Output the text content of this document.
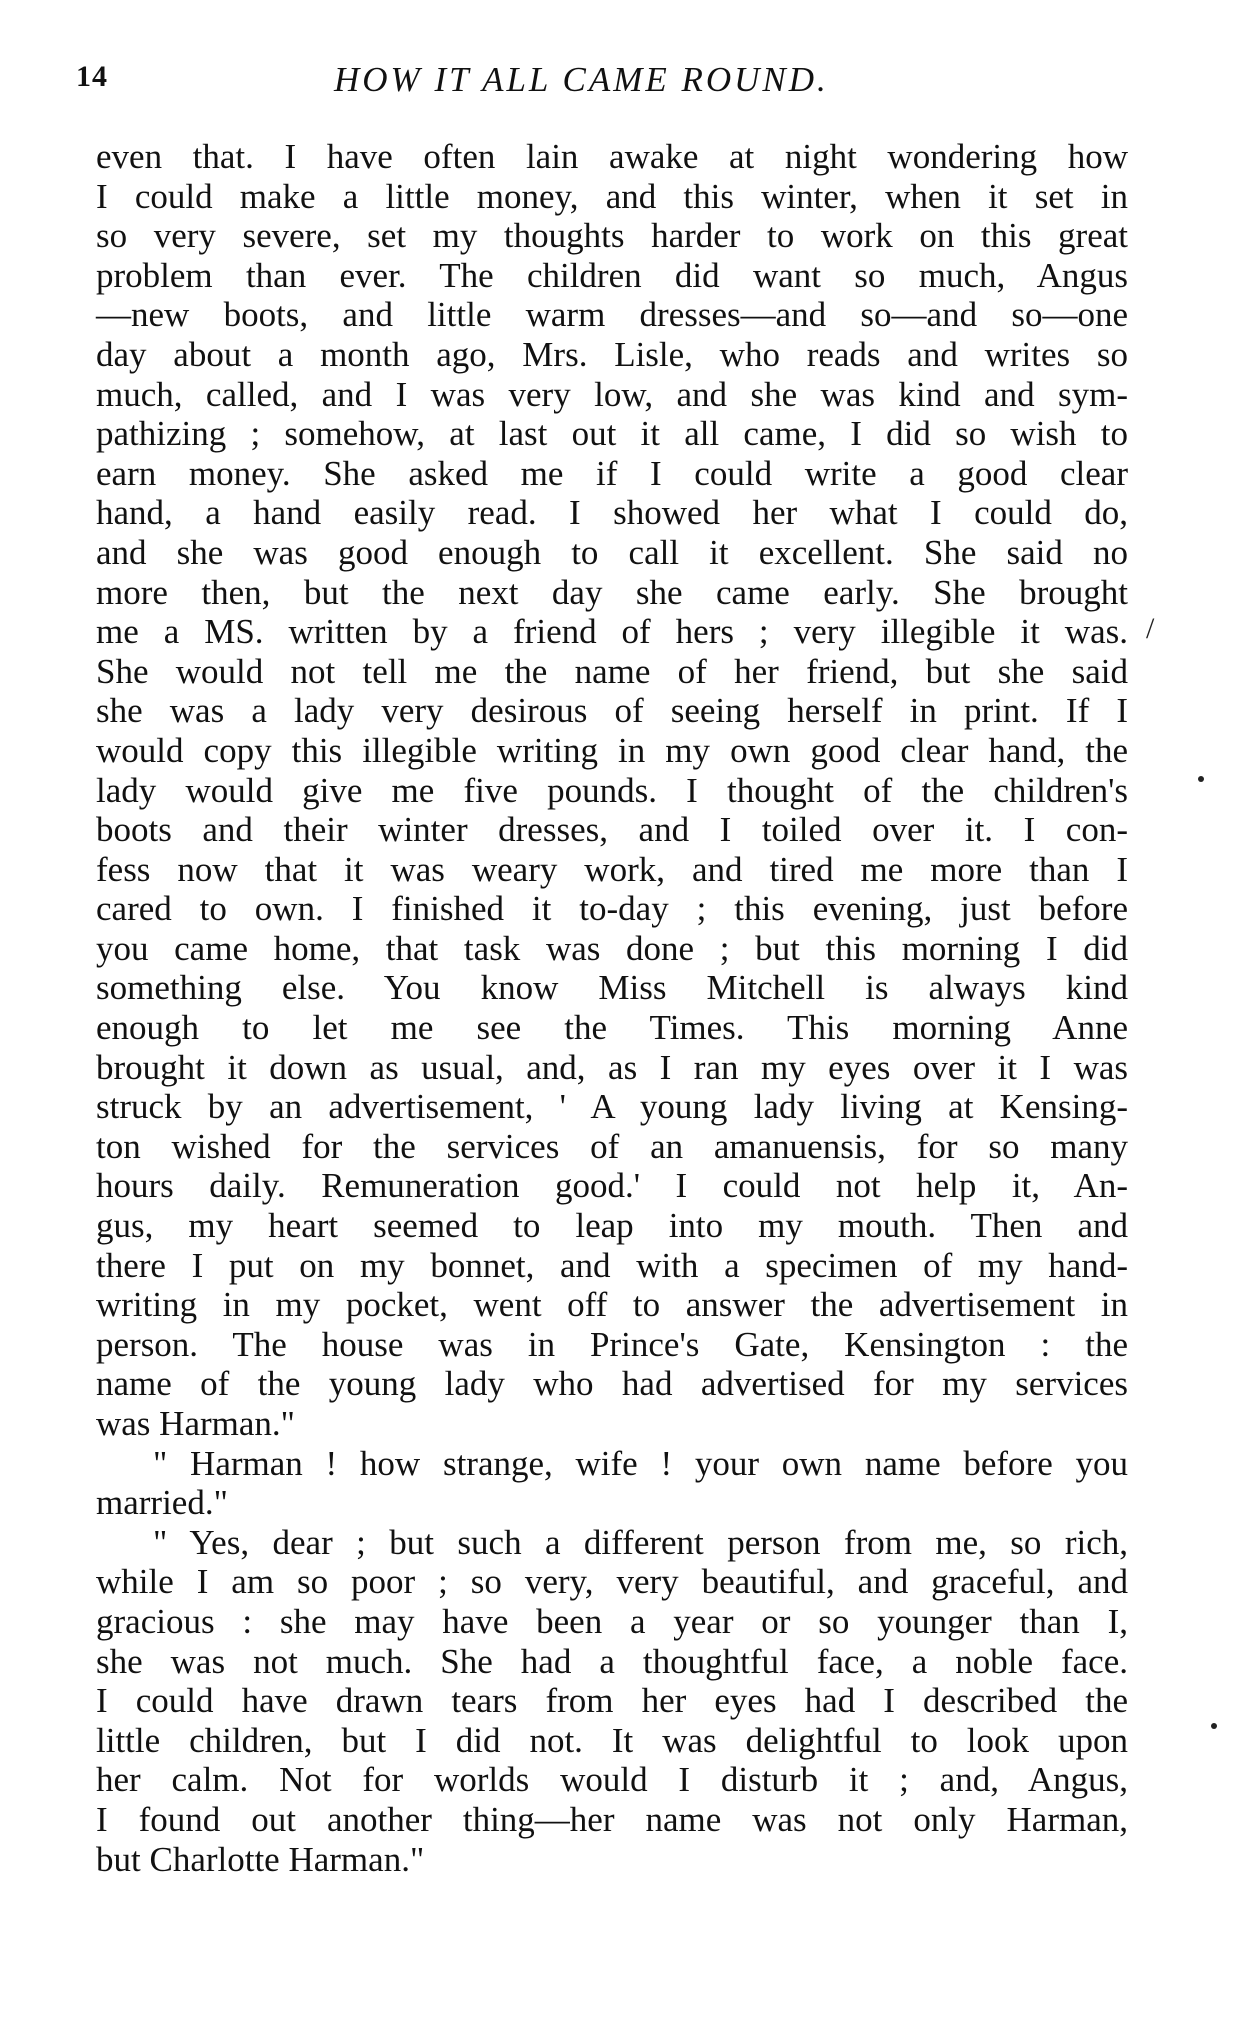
14	HOW IT ALL CAME ROUND.
even that. I have often lain awake at night wondering how
I could make a little money, and this winter, when it set in
so very severe, set my thoughts harder to work on this great
problem than ever. The children did want so much, Angus
—new boots, and little warm dresses—and so—and so—one
day about a month ago, Mrs. Lisle, who reads and writes so
much, called, and I was very low, and she was kind and sym-
pathizing ; somehow, at last out it all came, I did so wish to
earn money. She asked me if I could write a good clear
hand, a hand easily read. I showed her what I could do,
and she was good enough to call it excellent. She said no
more then, but the next day she came early. She brought
me a MS. written by a friend of hers ; very illegible it was.
She would not tell me the name of her friend, but she said
she was a lady very desirous of seeing herself in print. If I
would copy this illegible writing in my own good clear hand, the
lady would give me five pounds. I thought of the children's
boots and their winter dresses, and I toiled over it. I con-
fess now that it was weary work, and tired me more than I
cared to own. I finished it to-day ; this evening, just before
you came home, that task was done ; but this morning I did
something else. You know Miss Mitchell is always kind
enough to let me see the Times. This morning Anne
brought it down as usual, and, as I ran my eyes over it I was
struck by an advertisement, ' A young lady living at Kensing-
ton wished for the services of an amanuensis, for so many
hours daily. Remuneration good.' I could not help it, An-
gus, my heart seemed to leap into my mouth. Then and
there I put on my bonnet, and with a specimen of my hand-
writing in my pocket, went off to answer the advertisement in
person. The house was in Prince's Gate, Kensington : the
name of the young lady who had advertised for my services
was Harman."
" Harman ! how strange, wife ! your own name before you
married."
" Yes, dear ; but such a different person from me, so rich,
while I am so poor ; so very, very beautiful, and graceful, and
gracious : she may have been a year or so younger than I,
she was not much. She had a thoughtful face, a noble face.
I could have drawn tears from her eyes had I described the
little children, but I did not. It was delightful to look upon
her calm. Not for worlds would I disturb it ; and, Angus,
I found out another thing—her name was not only Harman,
but Charlotte Harman."
/
